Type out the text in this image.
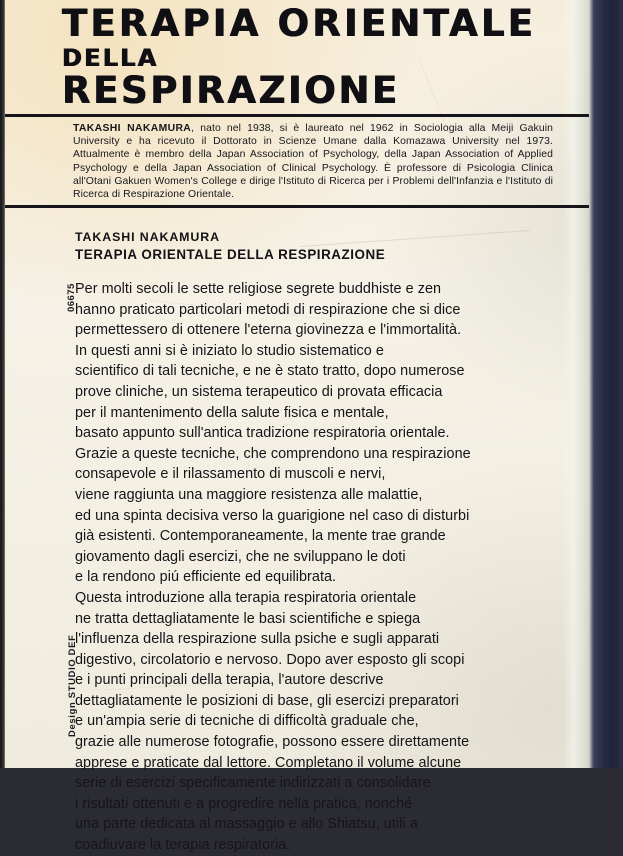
TERAPIA ORIENTALE
DELLA
RESPIRAZIONE
TAKASHI NAKAMURA, nato nel 1938, si è laureato nel 1962 in Sociologia alla Meiji Gakuin University e ha ricevuto il Dottorato in Scienze Umane dalla Komazawa University nel 1973. Attualmente è membro della Japan Association of Psychology, della Japan Association of Applied Psychology e della Japan Association of Clinical Psychology. È professore di Psicologia Clinica all'Otani Gakuen Women's College e dirige l'Istituto di Ricerca per i Problemi dell'Infanzia e l'Istituto di Ricerca di Respirazione Orientale.
TAKASHI NAKAMURA
TERAPIA ORIENTALE DELLA RESPIRAZIONE
Per molti secoli le sette religiose segrete buddhiste e zen
hanno praticato particolari metodi di respirazione che si dice
permettessero di ottenere l'eterna giovinezza e l'immortalità.
In questi anni si è iniziato lo studio sistematico e
scientifico di tali tecniche, e ne è stato tratto, dopo numerose
prove cliniche, un sistema terapeutico di provata efficacia
per il mantenimento della salute fisica e mentale,
basato appunto sull'antica tradizione respiratoria orientale.
Grazie a queste tecniche, che comprendono una respirazione
consapevole e il rilassamento di muscoli e nervi,
viene raggiunta una maggiore resistenza alle malattie,
ed una spinta decisiva verso la guarigione nel caso di disturbi
già esistenti. Contemporaneamente, la mente trae grande
giovamento dagli esercizi, che ne sviluppano le doti
e la rendono piú efficiente ed equilibrata.
Questa introduzione alla terapia respiratoria orientale
ne tratta dettagliatamente le basi scientifiche e spiega
l'influenza della respirazione sulla psiche e sugli apparati
digestivo, circolatorio e nervoso. Dopo aver esposto gli scopi
e i punti principali della terapia, l'autore descrive
dettagliatamente le posizioni di base, gli esercizi preparatori
e un'ampia serie di tecniche di difficoltà graduale che,
grazie alle numerose fotografie, possono essere direttamente
apprese e praticate dal lettore. Completano il volume alcune
serie di esercizi specificamente indirizzati a consolidare
i risultati ottenuti e a progredire nella pratica, nonché
una parte dedicata al massaggio e allo Shiatsu, utili a
coadiuvare la terapia respiratoria.
06675
Design STUDIO DEF
